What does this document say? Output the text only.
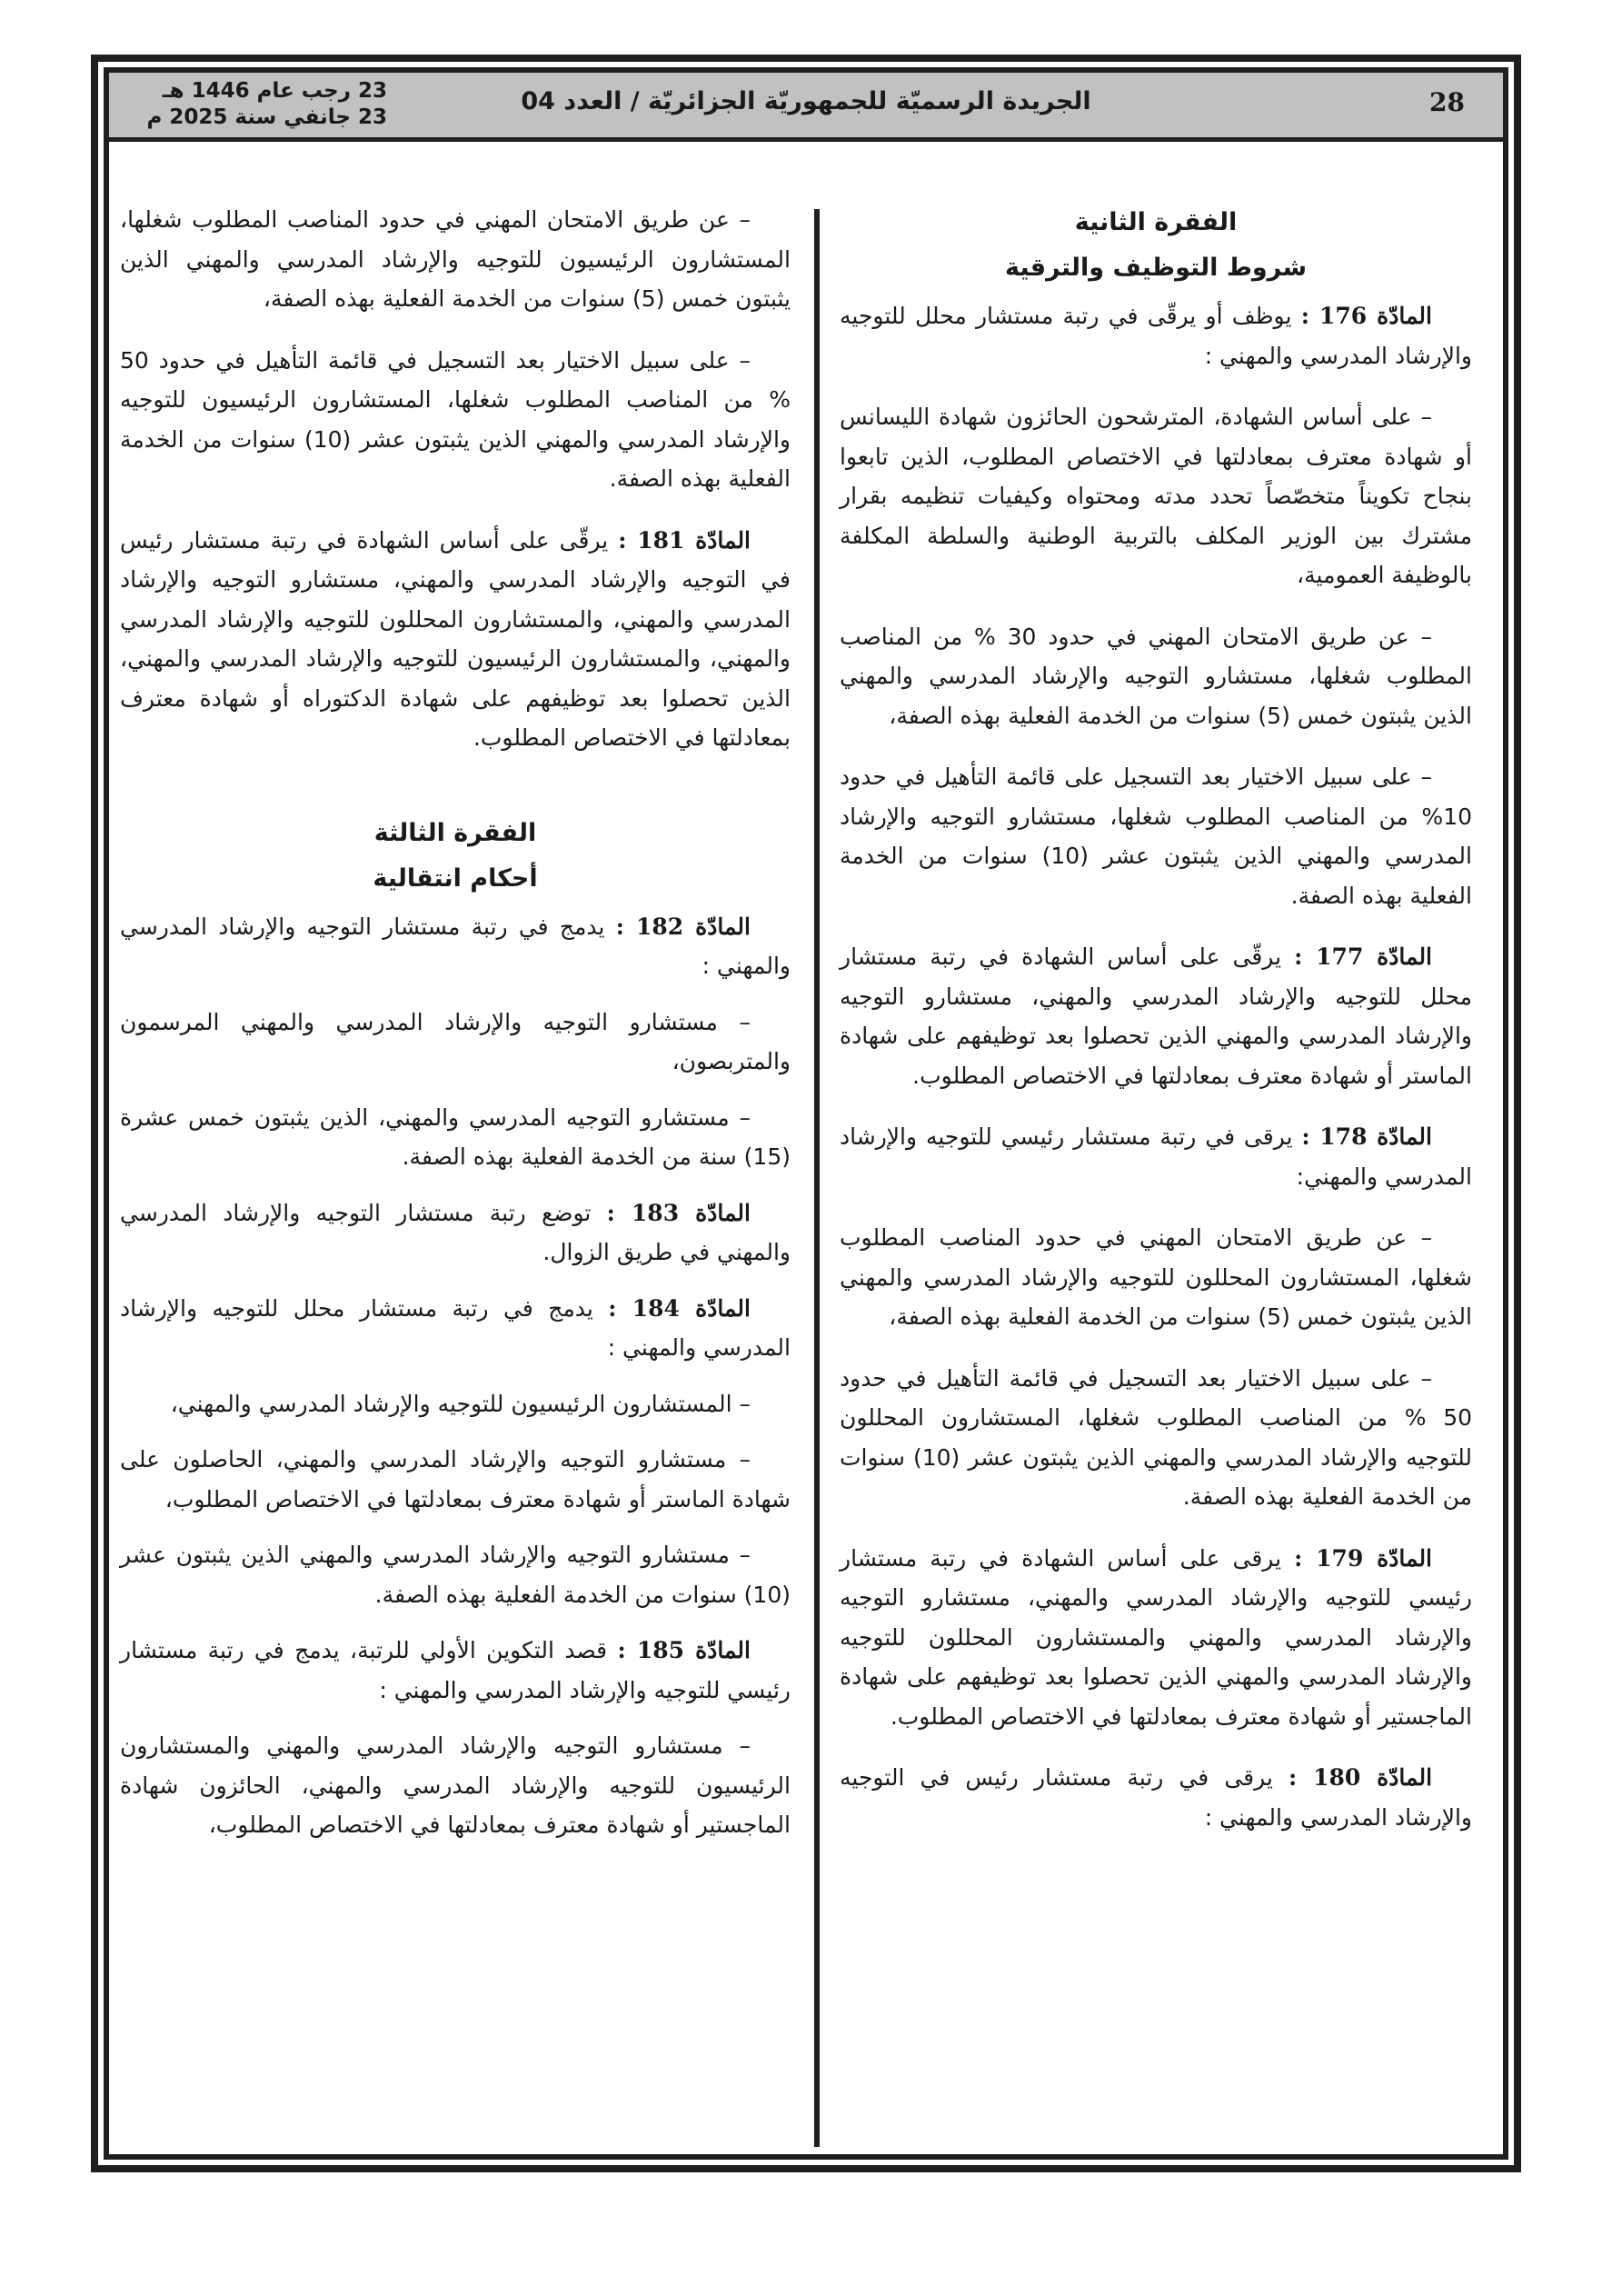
28
الجريدة الرسميّة للجمهوريّة الجزائريّة / العدد 04
23 رجب عام 1446 هـ
23 جانفي سنة 2025 م

الفقرة الثانية

شروط التوظيف والترقية

المادّة 176 : يوظف أو يرقّى في رتبة مستشار محلل للتوجيه والإرشاد المدرسي والمهني :

– على أساس الشهادة، المترشحون الحائزون شهادة الليسانس أو شهادة معترف بمعادلتها في الاختصاص المطلوب، الذين تابعوا بنجاح تكويناً متخصّصاً تحدد مدته ومحتواه وكيفيات تنظيمه بقرار مشترك بين الوزير المكلف بالتربية الوطنية والسلطة المكلفة بالوظيفة العمومية،

– عن طريق الامتحان المهني في حدود 30 % من المناصب المطلوب شغلها، مستشارو التوجيه والإرشاد المدرسي والمهني الذين يثبتون خمس (5) سنوات من الخدمة الفعلية بهذه الصفة،

– على سبيل الاختيار بعد التسجيل على قائمة التأهيل في حدود 10% من المناصب المطلوب شغلها، مستشارو التوجيه والإرشاد المدرسي والمهني الذين يثبتون عشر (10) سنوات من الخدمة الفعلية بهذه الصفة.

المادّة 177 : يرقّى على أساس الشهادة في رتبة مستشار محلل للتوجيه والإرشاد المدرسي والمهني، مستشارو التوجيه والإرشاد المدرسي والمهني الذين تحصلوا بعد توظيفهم على شهادة الماستر أو شهادة معترف بمعادلتها في الاختصاص المطلوب.

المادّة 178 : يرقى في رتبة مستشار رئيسي للتوجيه والإرشاد المدرسي والمهني:

– عن طريق الامتحان المهني في حدود المناصب المطلوب شغلها، المستشارون المحللون للتوجيه والإرشاد المدرسي والمهني الذين يثبتون خمس (5) سنوات من الخدمة الفعلية بهذه الصفة،

– على سبيل الاختيار بعد التسجيل في قائمة التأهيل في حدود 50 % من المناصب المطلوب شغلها، المستشارون المحللون للتوجيه والإرشاد المدرسي والمهني الذين يثبتون عشر (10) سنوات من الخدمة الفعلية بهذه الصفة.

المادّة 179 : يرقى على أساس الشهادة في رتبة مستشار رئيسي للتوجيه والإرشاد المدرسي والمهني، مستشارو التوجيه والإرشاد المدرسي والمهني والمستشارون المحللون للتوجيه والإرشاد المدرسي والمهني الذين تحصلوا بعد توظيفهم على شهادة الماجستير أو شهادة معترف بمعادلتها في الاختصاص المطلوب.

المادّة 180 : يرقى في رتبة مستشار رئيس في التوجيه والإرشاد المدرسي والمهني :

– عن طريق الامتحان المهني في حدود المناصب المطلوب شغلها، المستشارون الرئيسيون للتوجيه والإرشاد المدرسي والمهني الذين يثبتون خمس (5) سنوات من الخدمة الفعلية بهذه الصفة،

– على سبيل الاختيار بعد التسجيل في قائمة التأهيل في حدود 50 % من المناصب المطلوب شغلها، المستشارون الرئيسيون للتوجيه والإرشاد المدرسي والمهني الذين يثبتون عشر (10) سنوات من الخدمة الفعلية بهذه الصفة.

المادّة 181 : يرقّى على أساس الشهادة في رتبة مستشار رئيس في التوجيه والإرشاد المدرسي والمهني، مستشارو التوجيه والإرشاد المدرسي والمهني، والمستشارون المحللون للتوجيه والإرشاد المدرسي والمهني، والمستشارون الرئيسيون للتوجيه والإرشاد المدرسي والمهني، الذين تحصلوا بعد توظيفهم على شهادة الدكتوراه أو شهادة معترف بمعادلتها في الاختصاص المطلوب.

الفقرة الثالثة

أحكام انتقالية

المادّة 182 : يدمج في رتبة مستشار التوجيه والإرشاد المدرسي والمهني :

– مستشارو التوجيه والإرشاد المدرسي والمهني المرسمون والمتربصون،

– مستشارو التوجيه المدرسي والمهني، الذين يثبتون خمس عشرة (15) سنة من الخدمة الفعلية بهذه الصفة.

المادّة 183 : توضع رتبة مستشار التوجيه والإرشاد المدرسي والمهني في طريق الزوال.

المادّة 184 : يدمج في رتبة مستشار محلل للتوجيه والإرشاد المدرسي والمهني :

– المستشارون الرئيسيون للتوجيه والإرشاد المدرسي والمهني،

– مستشارو التوجيه والإرشاد المدرسي والمهني، الحاصلون على شهادة الماستر أو شهادة معترف بمعادلتها في الاختصاص المطلوب،

– مستشارو التوجيه والإرشاد المدرسي والمهني الذين يثبتون عشر (10) سنوات من الخدمة الفعلية بهذه الصفة.

المادّة 185 : قصد التكوين الأولي للرتبة، يدمج في رتبة مستشار رئيسي للتوجيه والإرشاد المدرسي والمهني :

– مستشارو التوجيه والإرشاد المدرسي والمهني والمستشارون الرئيسيون للتوجيه والإرشاد المدرسي والمهني، الحائزون شهادة الماجستير أو شهادة معترف بمعادلتها في الاختصاص المطلوب،
